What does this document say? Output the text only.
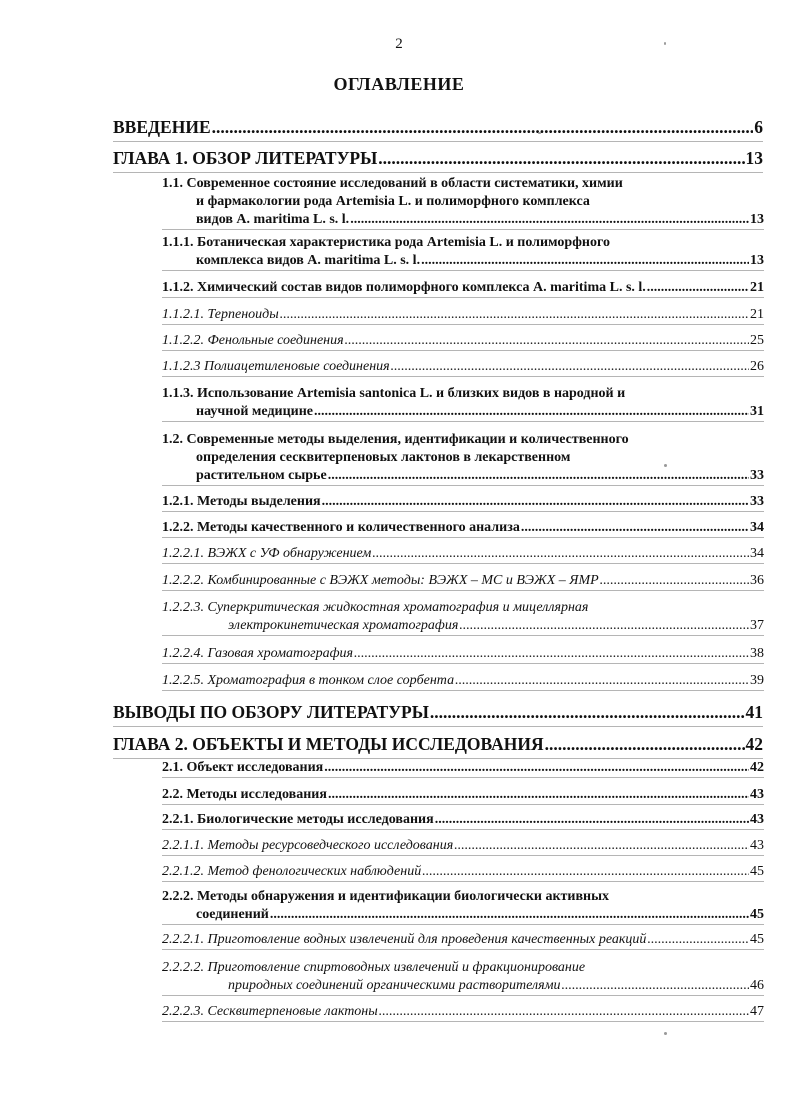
2
ОГЛАВЛЕНИЕ
ВВЕДЕНИЕ .....	6
ГЛАВА 1. ОБЗОР ЛИТЕРАТУРЫ .....	13
1.1. Современное состояние исследований в области систематики, химии
и фармакологии рода Artemisia L. и полиморфного комплекса
видов A. maritima L. s. l. .....	13
1.1.1. Ботаническая характеристика рода Artemisia L. и полиморфного
комплекса видов A. maritima L. s. l. .....	13
1.1.2. Химический состав видов полиморфного комплекса A. maritima L. s. l. .....	21
1.1.2.1. Терпеноиды .....	21
1.1.2.2. Фенольные соединения .....	25
1.1.2.3 Полиацетиленовые соединения .....	26
1.1.3. Использование Artemisia santonica L. и близких видов в народной и
научной медицине .....	31
1.2. Современные методы выделения, идентификации и количественного
определения сесквитерпеновых лактонов в лекарственном
растительном сырье .....	33
1.2.1. Методы выделения .....	33
1.2.2. Методы качественного и количественного анализа .....	34
1.2.2.1. ВЭЖХ с УФ обнаружением .....	34
1.2.2.2. Комбинированные с ВЭЖХ методы: ВЭЖХ – МС и ВЭЖХ – ЯМР .....	36
1.2.2.3. Суперкритическая жидкостная хроматография и мицеллярная
электрокинетическая хроматография .....	37
1.2.2.4. Газовая хроматография .....	38
1.2.2.5. Хроматография в тонком слое сорбента .....	39
ВЫВОДЫ ПО ОБЗОРУ ЛИТЕРАТУРЫ .....	41
ГЛАВА 2. ОБЪЕКТЫ И МЕТОДЫ ИССЛЕДОВАНИЯ .....	42
2.1. Объект исследования .....	42
2.2. Методы исследования .....	43
2.2.1. Биологические методы исследования .....	43
2.2.1.1. Методы ресурсоведческого исследования .....	43
2.2.1.2. Метод фенологических наблюдений .....	45
2.2.2. Методы обнаружения и идентификации биологически активных
соединений .....	45
2.2.2.1. Приготовление водных извлечений для проведения качественных реакций .....	45
2.2.2.2. Приготовление спиртоводных извлечений и фракционирование
природных соединений органическими растворителями .....	46
2.2.2.3. Сесквитерпеновые лактоны .....	47
